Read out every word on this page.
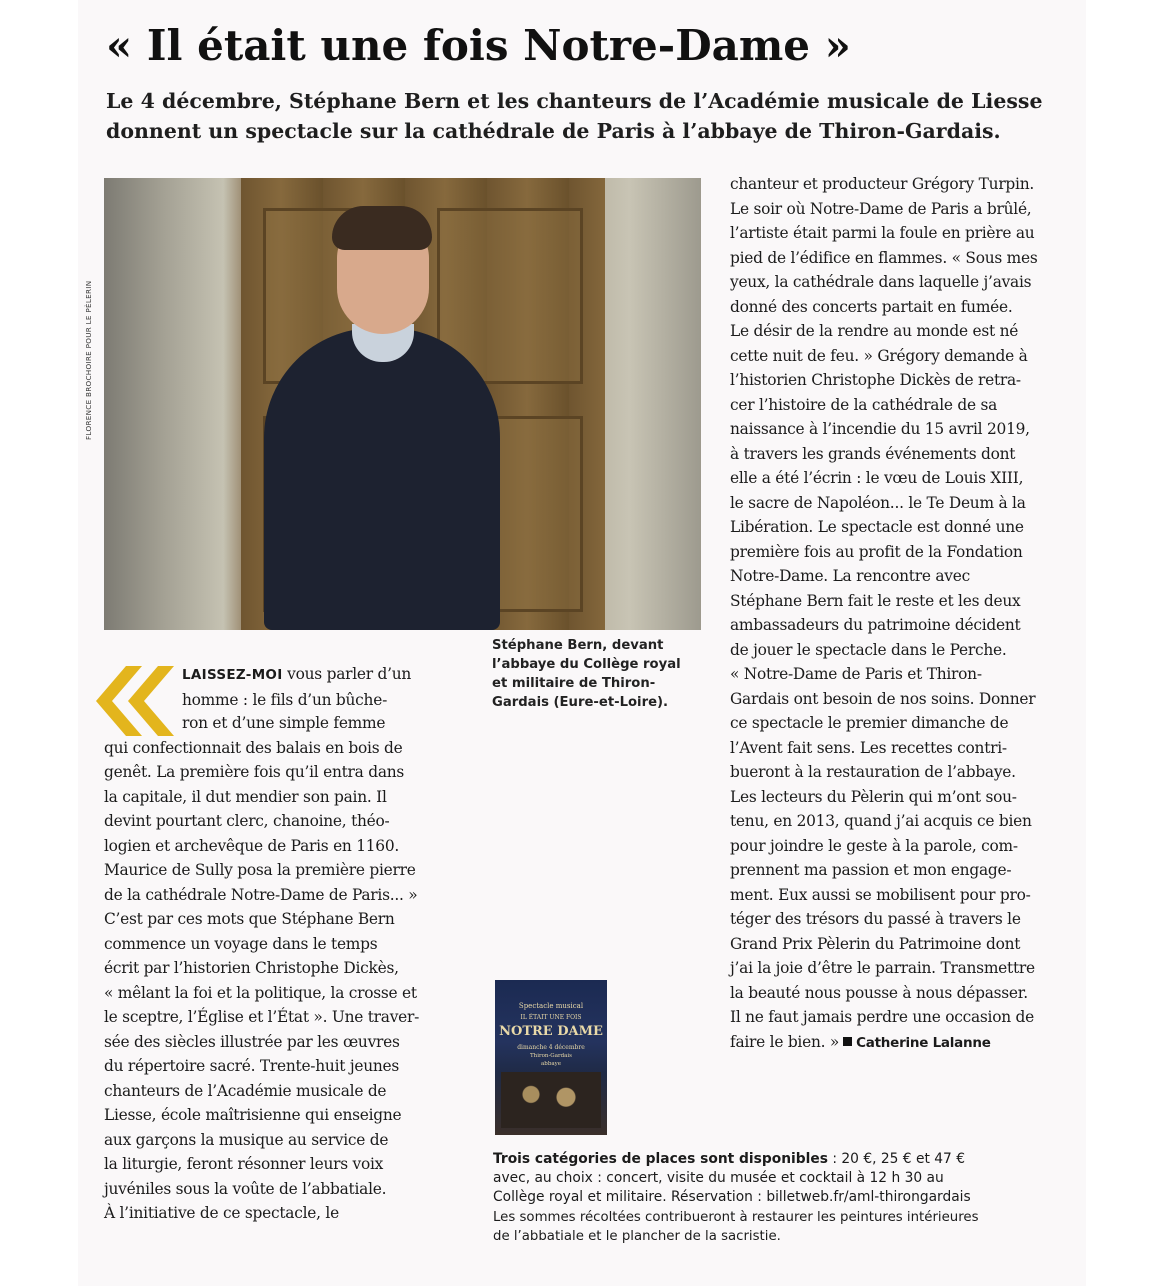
« Il était une fois Notre-Dame »
Le 4 décembre, Stéphane Bern et les chanteurs de l’Académie musicale de Liesse
donnent un spectacle sur la cathédrale de Paris à l’abbaye de Thiron-Gardais.
FLORENCE BROCHOIRE POUR LE PÈLERIN
Stéphane Bern, devant
l’abbaye du Collège royal
et militaire de Thiron-
Gardais (Eure-et-Loire).
LAISSEZ-MOI vous parler d’un
homme : le fils d’un bûche-
ron et d’une simple femme
qui confectionnait des balais en bois de
genêt. La première fois qu’il entra dans
la capitale, il dut mendier son pain. Il
devint pourtant clerc, chanoine, théo-
logien et archevêque de Paris en 1160.
Maurice de Sully posa la première pierre
de la cathédrale Notre-Dame de Paris... »
C’est par ces mots que Stéphane Bern
commence un voyage dans le temps
écrit par l’historien Christophe Dickès,
« mêlant la foi et la politique, la crosse et
le sceptre, l’Église et l’État ». Une traver-
sée des siècles illustrée par les œuvres
du répertoire sacré. Trente-huit jeunes
chanteurs de l’Académie musicale de
Liesse, école maîtrisienne qui enseigne
aux garçons la musique au service de
la liturgie, feront résonner leurs voix
juvéniles sous la voûte de l’abbatiale.
À l’initiative de ce spectacle, le
chanteur et producteur Grégory Turpin.
Le soir où Notre-Dame de Paris a brûlé,
l’artiste était parmi la foule en prière au
pied de l’édifice en flammes. « Sous mes
yeux, la cathédrale dans laquelle j’avais
donné des concerts partait en fumée.
Le désir de la rendre au monde est né
cette nuit de feu. » Grégory demande à
l’historien Christophe Dickès de retra-
cer l’histoire de la cathédrale de sa
naissance à l’incendie du 15 avril 2019,
à travers les grands événements dont
elle a été l’écrin : le vœu de Louis XIII,
le sacre de Napoléon... le Te Deum à la
Libération. Le spectacle est donné une
première fois au profit de la Fondation
Notre-Dame. La rencontre avec
Stéphane Bern fait le reste et les deux
ambassadeurs du patrimoine décident
de jouer le spectacle dans le Perche.
« Notre-Dame de Paris et Thiron-
Gardais ont besoin de nos soins. Donner
ce spectacle le premier dimanche de
l’Avent fait sens. Les recettes contri-
bueront à la restauration de l’abbaye.
Les lecteurs du Pèlerin qui m’ont sou-
tenu, en 2013, quand j’ai acquis ce bien
pour joindre le geste à la parole, com-
prennent ma passion et mon engage-
ment. Eux aussi se mobilisent pour pro-
téger des trésors du passé à travers le
Grand Prix Pèlerin du Patrimoine dont
j’ai la joie d’être le parrain. Transmettre
la beauté nous pousse à nous dépasser.
Il ne faut jamais perdre une occasion de
faire le bien. » Catherine Lalanne
Spectacle musical
IL ÉTAIT UNE FOIS
NOTRE DAME
dimanche 4 décembre
Thiron-Gardais
abbaye
Trois catégories de places sont disponibles : 20 €, 25 € et 47 €
avec, au choix : concert, visite du musée et cocktail à 12 h 30 au
Collège royal et militaire. Réservation : billetweb.fr/aml-thirongardais
Les sommes récoltées contribueront à restaurer les peintures intérieures
de l’abbatiale et le plancher de la sacristie.
